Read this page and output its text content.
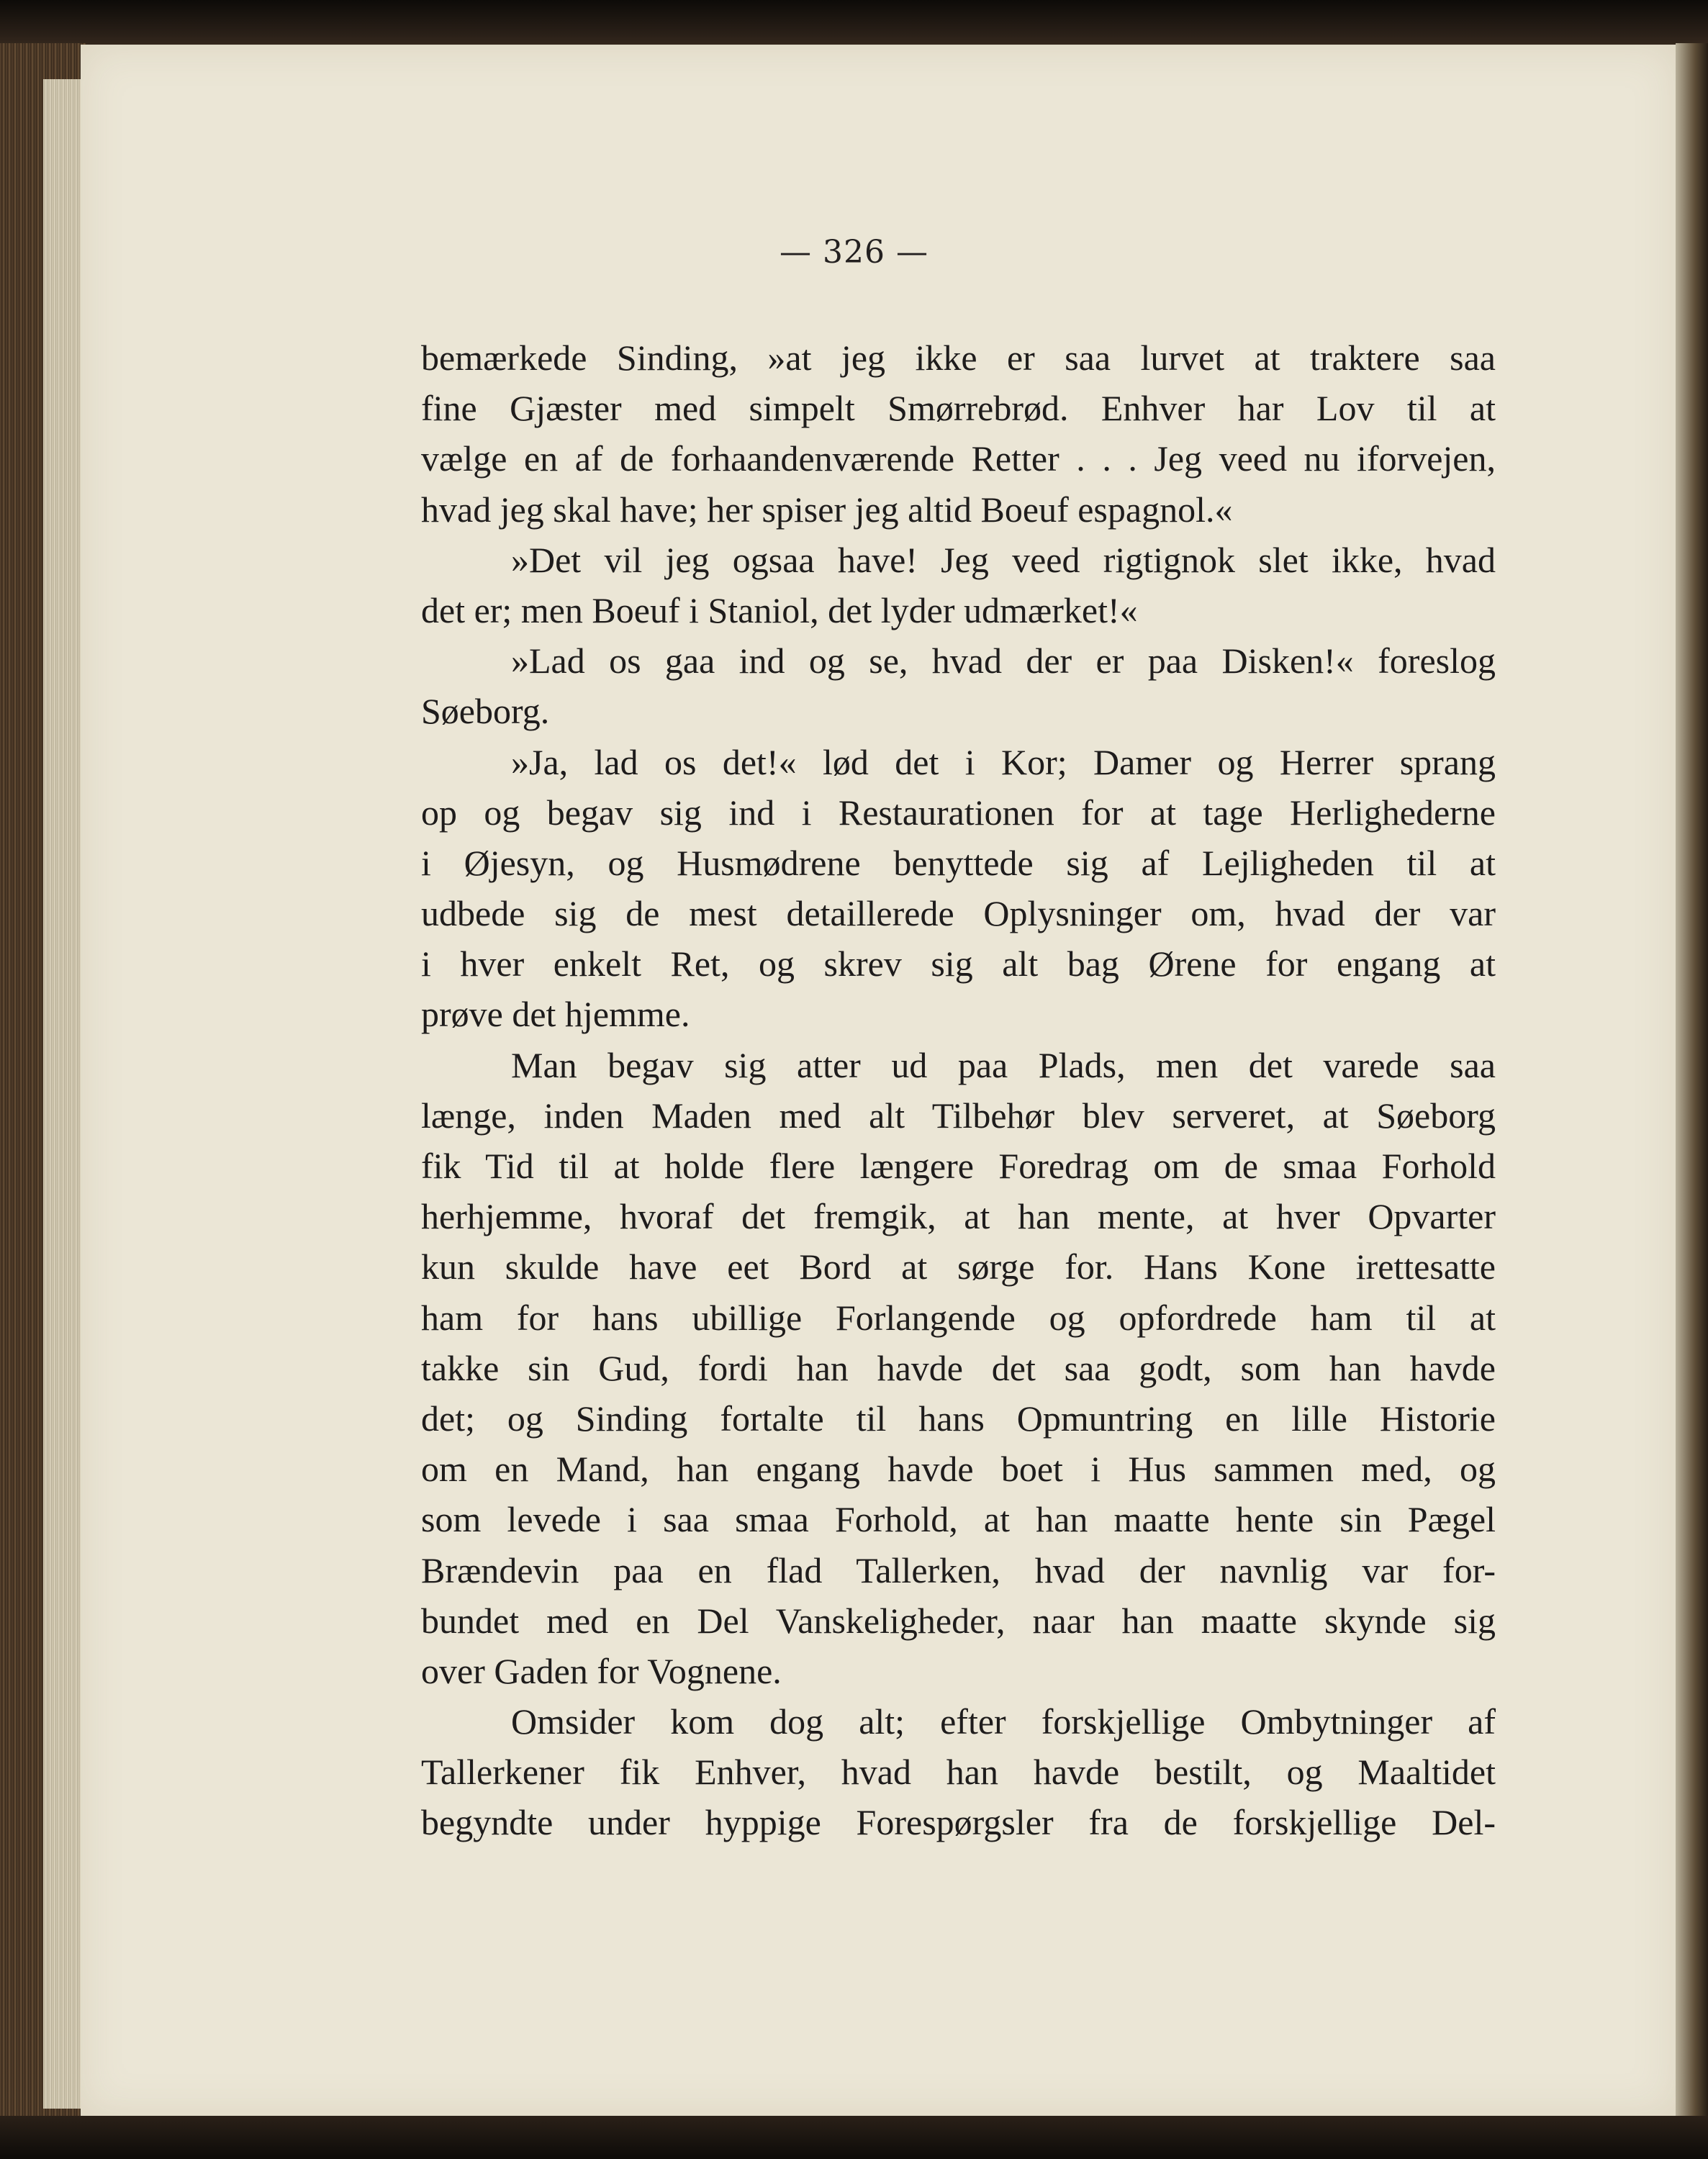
— 326 —
bemærkede Sinding, »at jeg ikke er saa lurvet at traktere saa
fine Gjæster med simpelt Smørrebrød. Enhver har Lov til at
vælge en af de forhaandenværende Retter . . . Jeg veed nu iforvejen,
hvad jeg skal have; her spiser jeg altid Boeuf espagnol.«
»Det vil jeg ogsaa have! Jeg veed rigtignok slet ikke, hvad
det er; men Boeuf i Staniol, det lyder udmærket!«
»Lad os gaa ind og se, hvad der er paa Disken!« foreslog
Søeborg.
»Ja, lad os det!« lød det i Kor; Damer og Herrer sprang
op og begav sig ind i Restaurationen for at tage Herlighederne
i Øjesyn, og Husmødrene benyttede sig af Lejligheden til at
udbede sig de mest detaillerede Oplysninger om, hvad der var
i hver enkelt Ret, og skrev sig alt bag Ørene for engang at
prøve det hjemme.
Man begav sig atter ud paa Plads, men det varede saa
længe, inden Maden med alt Tilbehør blev serveret, at Søeborg
fik Tid til at holde flere længere Foredrag om de smaa Forhold
herhjemme, hvoraf det fremgik, at han mente, at hver Opvarter
kun skulde have eet Bord at sørge for. Hans Kone irettesatte
ham for hans ubillige Forlangende og opfordrede ham til at
takke sin Gud, fordi han havde det saa godt, som han havde
det; og Sinding fortalte til hans Opmuntring en lille Historie
om en Mand, han engang havde boet i Hus sammen med, og
som levede i saa smaa Forhold, at han maatte hente sin Pægel
Brændevin paa en flad Tallerken, hvad der navnlig var for-
bundet med en Del Vanskeligheder, naar han maatte skynde sig
over Gaden for Vognene.
Omsider kom dog alt; efter forskjellige Ombytninger af
Tallerkener fik Enhver, hvad han havde bestilt, og Maaltidet
begyndte under hyppige Forespørgsler fra de forskjellige Del-
